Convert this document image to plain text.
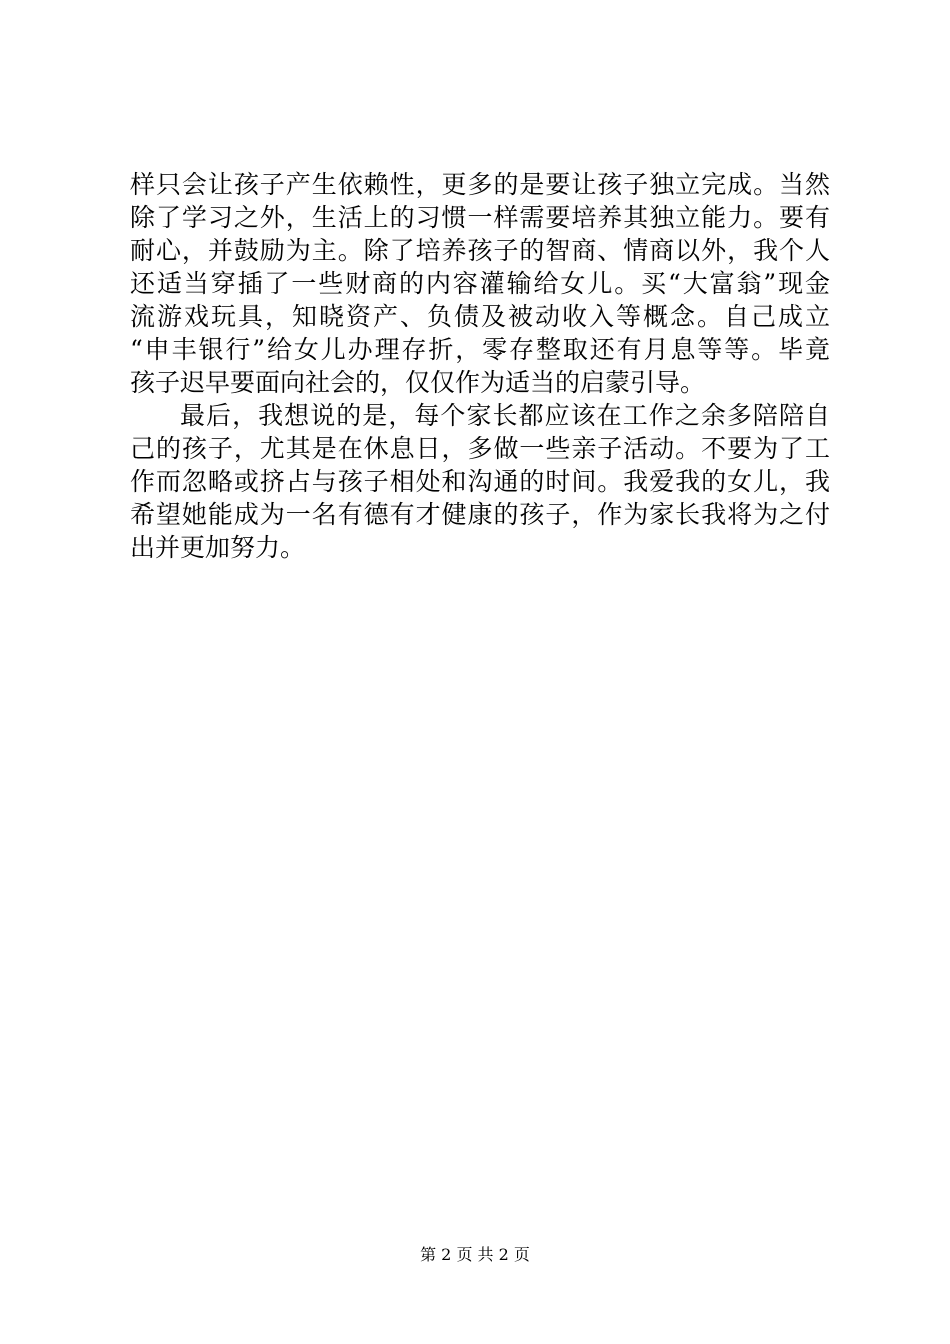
样只会让孩子产生依赖性，更多的是要让孩子独立完成。当然
除了学习之外，生活上的习惯一样需要培养其独立能力。要有
耐心，并鼓励为主。除了培养孩子的智商、情商以外，我个人
还适当穿插了一些财商的内容灌输给女儿。买“大富翁”现金
流游戏玩具，知晓资产、负债及被动收入等概念。自己成立
“申丰银行”给女儿办理存折，零存整取还有月息等等。毕竟
孩子迟早要面向社会的，仅仅作为适当的启蒙引导。
最后，我想说的是，每个家长都应该在工作之余多陪陪自
己的孩子，尤其是在休息日，多做一些亲子活动。不要为了工
作而忽略或挤占与孩子相处和沟通的时间。我爱我的女儿，我
希望她能成为一名有德有才健康的孩子，作为家长我将为之付
出并更加努力。
第 2 页 共 2 页
